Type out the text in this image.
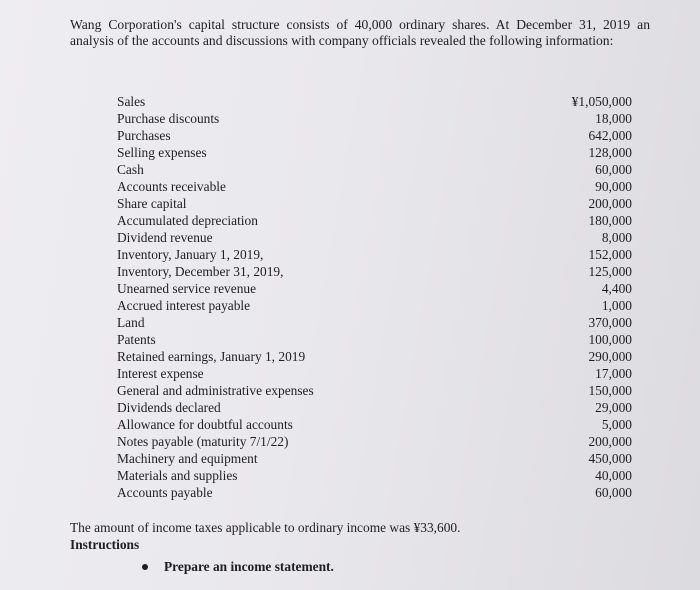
Wang Corporation's capital structure consists of 40,000 ordinary shares. At December 31, 2019 an analysis of the accounts and discussions with company officials revealed the following information:
Sales	¥1,050,000
Purchase discounts	18,000
Purchases	642,000
Selling expenses	128,000
Cash	60,000
Accounts receivable	90,000
Share capital	200,000
Accumulated depreciation	180,000
Dividend revenue	8,000
Inventory, January 1, 2019,	152,000
Inventory, December 31, 2019,	125,000
Unearned service revenue	4,400
Accrued interest payable	1,000
Land	370,000
Patents	100,000
Retained earnings, January 1, 2019	290,000
Interest expense	17,000
General and administrative expenses	150,000
Dividends declared	29,000
Allowance for doubtful accounts	5,000
Notes payable (maturity 7/1/22)	200,000
Machinery and equipment	450,000
Materials and supplies	40,000
Accounts payable	60,000
The amount of income taxes applicable to ordinary income was ¥33,600.
Instructions
Prepare an income statement.
